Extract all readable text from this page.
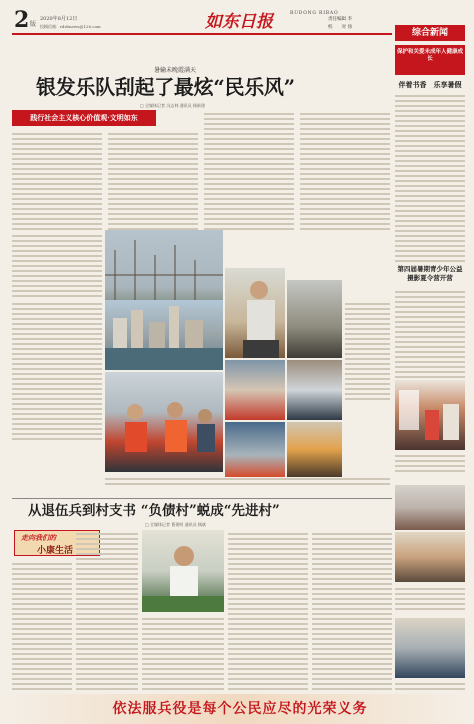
2 版
2020年8月12日
投稿信箱：rdrbnews@126.com	如东日报	RUDONG RIBAO
责任编辑 李
校　　对 徐
综合新闻
暑输未晚霞满天
银发乐队刮起了最炫“民乐风”
□ 全媒体记者 冯志林 通讯员 顾新建
践行社会主义核心价值观·文明如东
保护和关爱未成年人健康成长
伴着书香　乐享暑假
第四届暑期青少年公益摄影夏令营开营
从退伍兵到村支书 “负债村”蜕成“先进村”
□ 全媒体记者 曹建明 通讯员 顾斌
走向我们的
小康生活
依法服兵役是每个公民应尽的光荣义务
